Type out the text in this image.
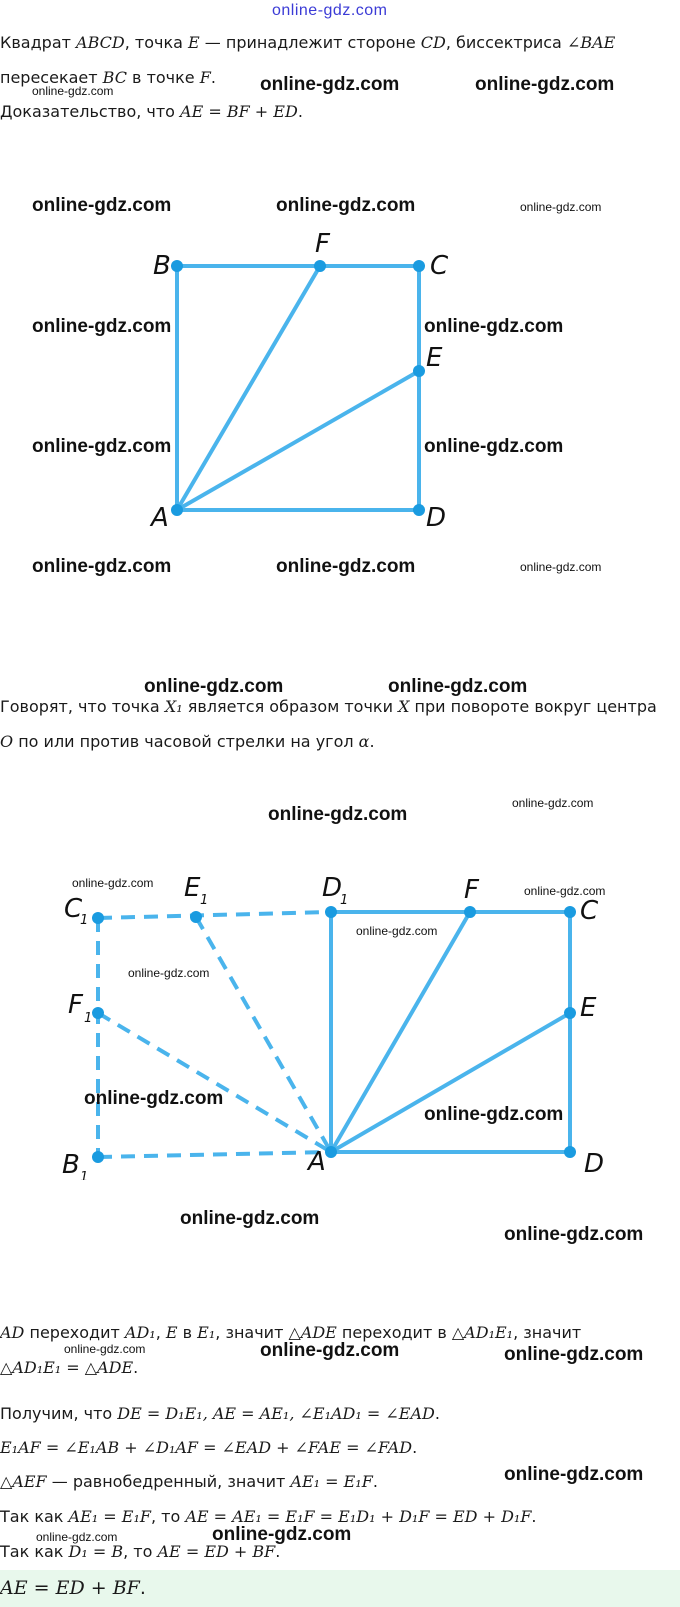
online-gdz.com
Квадрат ABCD, точка E — принадлежит стороне CD, биссектриса ∠BAE
пересекает BC в точке F.
Доказательство, что AE = BF + ED.
B
F
C
E
D
A
Говорят, что точка X₁ является образом точки X при повороте вокруг центра
O по или против часовой стрелки на угол α.
C
1
E 1	D
1	F
C
E
D
A
F 1
B 1
AD переходит AD₁, E в E₁, значит △ADE переходит в △AD₁E₁, значит
△AD₁E₁ = △ADE.
Получим, что DE = D₁E₁, AE = AE₁, ∠E₁AD₁ = ∠EAD.
E₁AF = ∠E₁AB + ∠D₁AF = ∠EAD + ∠FAE = ∠FAD.
△AEF — равнобедренный, значит AE₁ = E₁F.
Так как AE₁ = E₁F, то AE = AE₁ = E₁F = E₁D₁ + D₁F = ED + D₁F.
Так как D₁ = B, то AE = ED + BF.
AE = ED + BF.
online-gdz.com	online-gdz.com	online-gdz.com
online-gdz.com	online-gdz.com	online-gdz.com
online-gdz.com	online-gdz.com
online-gdz.com	online-gdz.com
online-gdz.com	online-gdz.com	online-gdz.com
online-gdz.com	online-gdz.com
online-gdz.com
online-gdz.com
online-gdz.com
online-gdz.com
online-gdz.com
online-gdz.com
online-gdz.com
online-gdz.com
online-gdz.com
online-gdz.com
online-gdz.com	online-gdz.com	online-gdz.com
online-gdz.com
online-gdz.com	online-gdz.com
